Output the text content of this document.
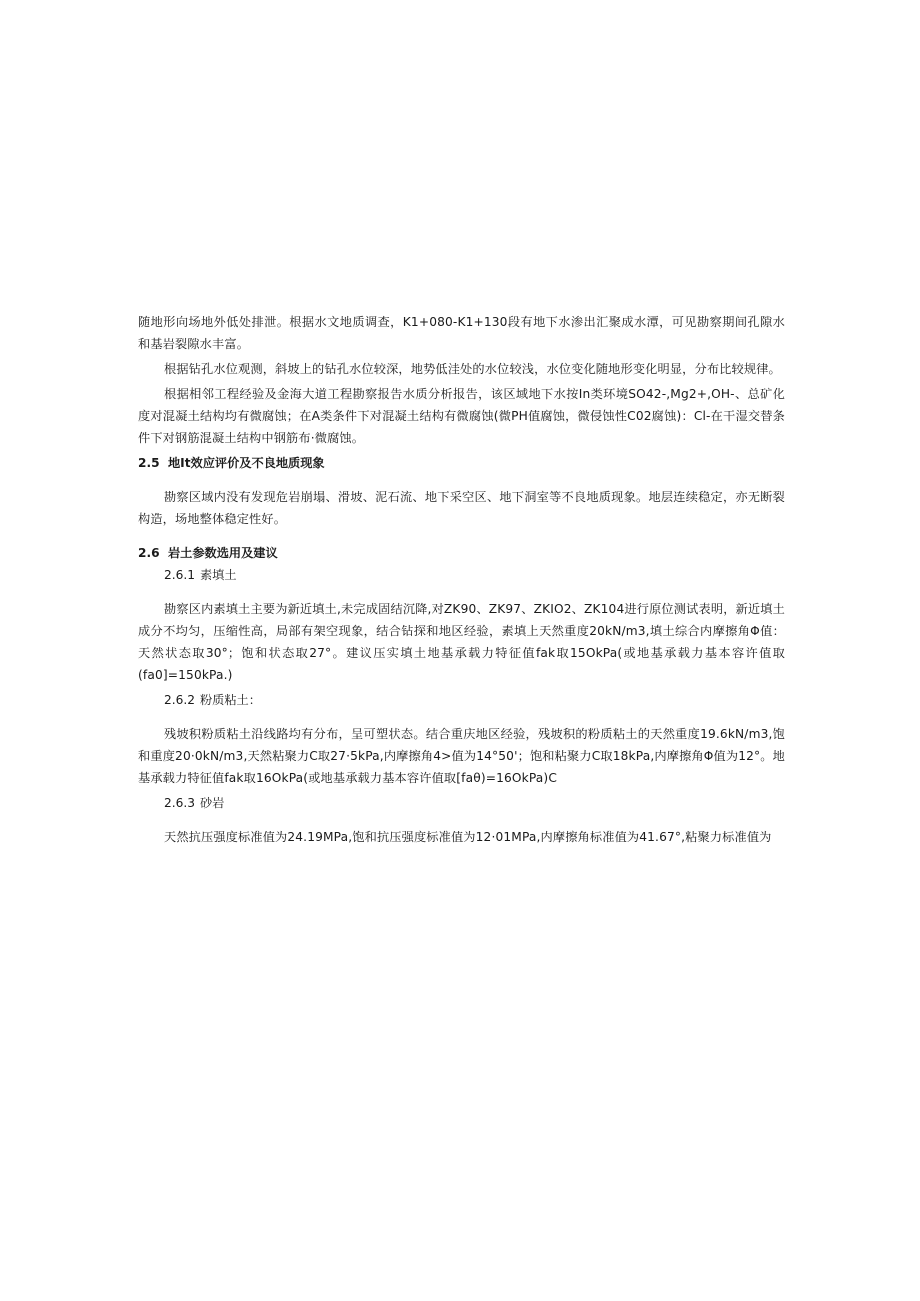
随地形向场地外低处排泄。根据水文地质调查，K1+080-K1+130段有地下水渗出汇聚成水潭，可见勘察期间孔隙水和基岩裂隙水丰富。

根据钻孔水位观测，斜坡上的钻孔水位较深，地势低洼处的水位较浅，水位变化随地形变化明显，分布比较规律。

根据相邻工程经验及金海大道工程勘察报告水质分析报告，该区域地下水按In类环境SO42-,Mg2+,OH-、总矿化度对混凝土结构均有微腐蚀；在A类条件下对混凝土结构有微腐蚀(微PH值腐蚀，微侵蚀性C02腐蚀)：Cl-在干湿交替条件下对钢筋混凝土结构中钢筋布·微腐蚀。

2.5 地It效应评价及不良地质现象

勘察区域内没有发现危岩崩塌、滑坡、泥石流、地下采空区、地下洞室等不良地质现象。地层连续稳定，亦无断裂构造，场地整体稳定性好。

2.6 岩土参数选用及建议

2.6.1 素填土

勘察区内素填土主要为新近填土,未完成固结沉降,对ZK90、ZK97、ZKIO2、ZK104进行原位测试表明，新近填土成分不均匀，压缩性高，局部有架空现象，结合钻探和地区经验，素填上天然重度20kN∕m3,填土综合内摩擦角Φ值：天然状态取30°；饱和状态取27°。建议压实填土地基承载力特征值fak取15OkPa(或地基承载力基本容许值取(fa0]=150kPa.)

2.6.2 粉质粘土：

残坡积粉质粘土沿线路均有分布，呈可塑状态。结合重庆地区经验，残坡积的粉质粘土的天然重度19.6kN∕m3,饱和重度20·0kN∕m3,天然粘聚力C取27·5kPa,内摩擦角4>值为14°50'；饱和粘聚力C取18kPa,内摩擦角Φ值为12°。地基承载力特征值fak取16OkPa(或地基承载力基本容许值取[faθ)=16OkPa)C

2.6.3 砂岩

天然抗压强度标准值为24.19MPa,饱和抗压强度标准值为12·01MPa,内摩擦角标准值为41.67°,粘聚力标准值为
